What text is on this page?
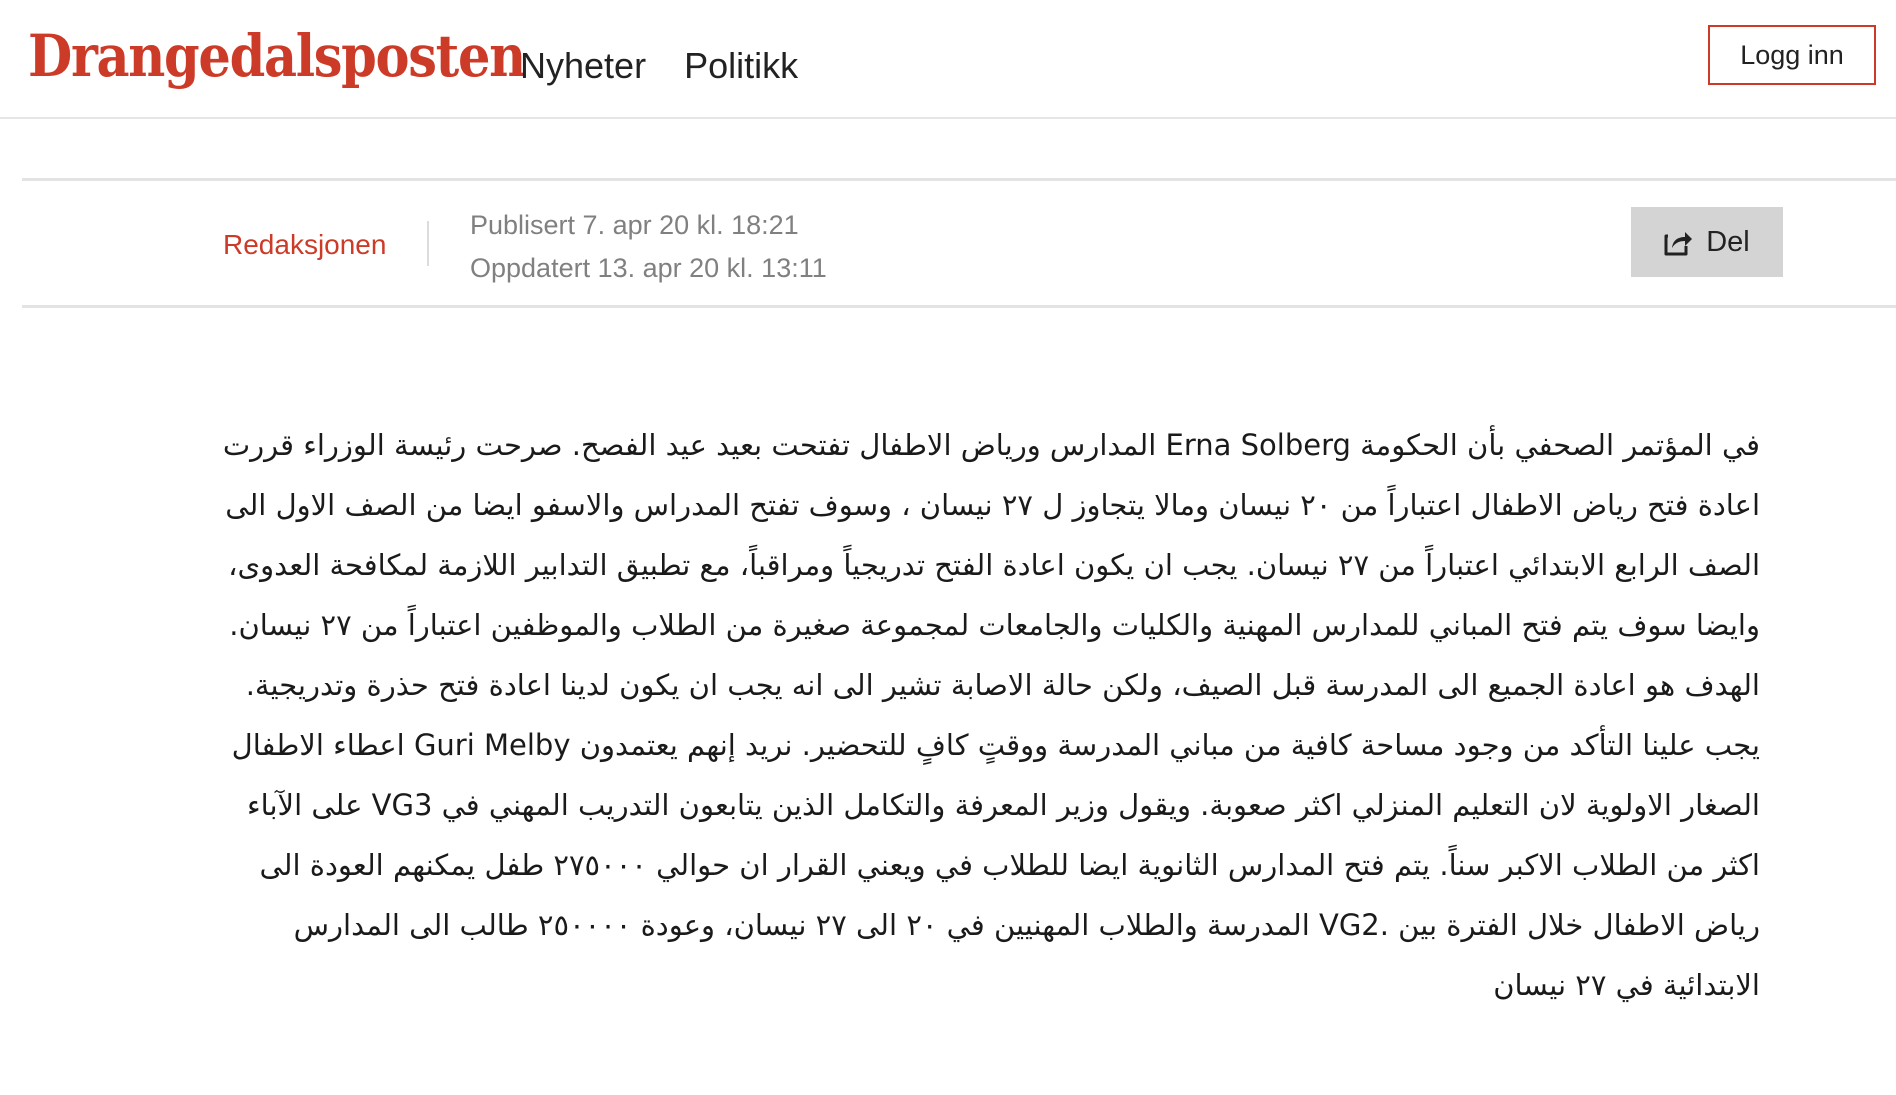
Drangedalsposten
Nyheter Politikk	Logg inn
Redaksjonen
Publisert 7. apr 20 kl. 18:21
Oppdatert 13. apr 20 kl. 13:11
Del
في المؤتمر الصحفي بأن الحكومة Erna Solberg المدارس ورياض الاطفال تفتحت بعيد عيد الفصح. صرحت رئيسة الوزراء قررت اعادة فتح رياض الاطفال اعتباراً من ٢٠ نيسان ومالا يتجاوز ل ٢٧ نيسان ، وسوف تفتح المدراس والاسفو ايضا من الصف الاول الى الصف الرابع الابتدائي اعتباراً من ٢٧ نيسان. يجب ان يكون اعادة الفتح تدريجياً ومراقباً، مع تطبيق التدابير اللازمة لمكافحة العدوى، وايضا سوف يتم فتح المباني للمدارس المهنية والكليات والجامعات لمجموعة صغيرة من الطلاب والموظفين اعتباراً من ٢٧ نيسان. الهدف هو اعادة الجميع الى المدرسة قبل الصيف، ولكن حالة الاصابة تشير الى انه يجب ان يكون لدينا اعادة فتح حذرة وتدريجية. يجب علينا التأكد من وجود مساحة كافية من مباني المدرسة ووقتٍ كافٍ للتحضير. نريد إنهم يعتمدون Guri Melby اعطاء الاطفال الصغار الاولوية لان التعليم المنزلي اكثر صعوبة. ويقول وزير المعرفة والتكامل الذين يتابعون التدريب المهني في VG3 على الآباء اكثر من الطلاب الاكبر سناً. يتم فتح المدارس الثانوية ايضا للطلاب في ويعني القرار ان حوالي ٢٧٥٠٠٠ طفل يمكنهم العودة الى رياض الاطفال خلال الفترة بين .VG2 المدرسة والطلاب المهنيين في ٢٠ الى ٢٧ نيسان، وعودة ٢٥٠٠٠٠ طالب الى المدارس الابتدائية في ٢٧ نيسان
